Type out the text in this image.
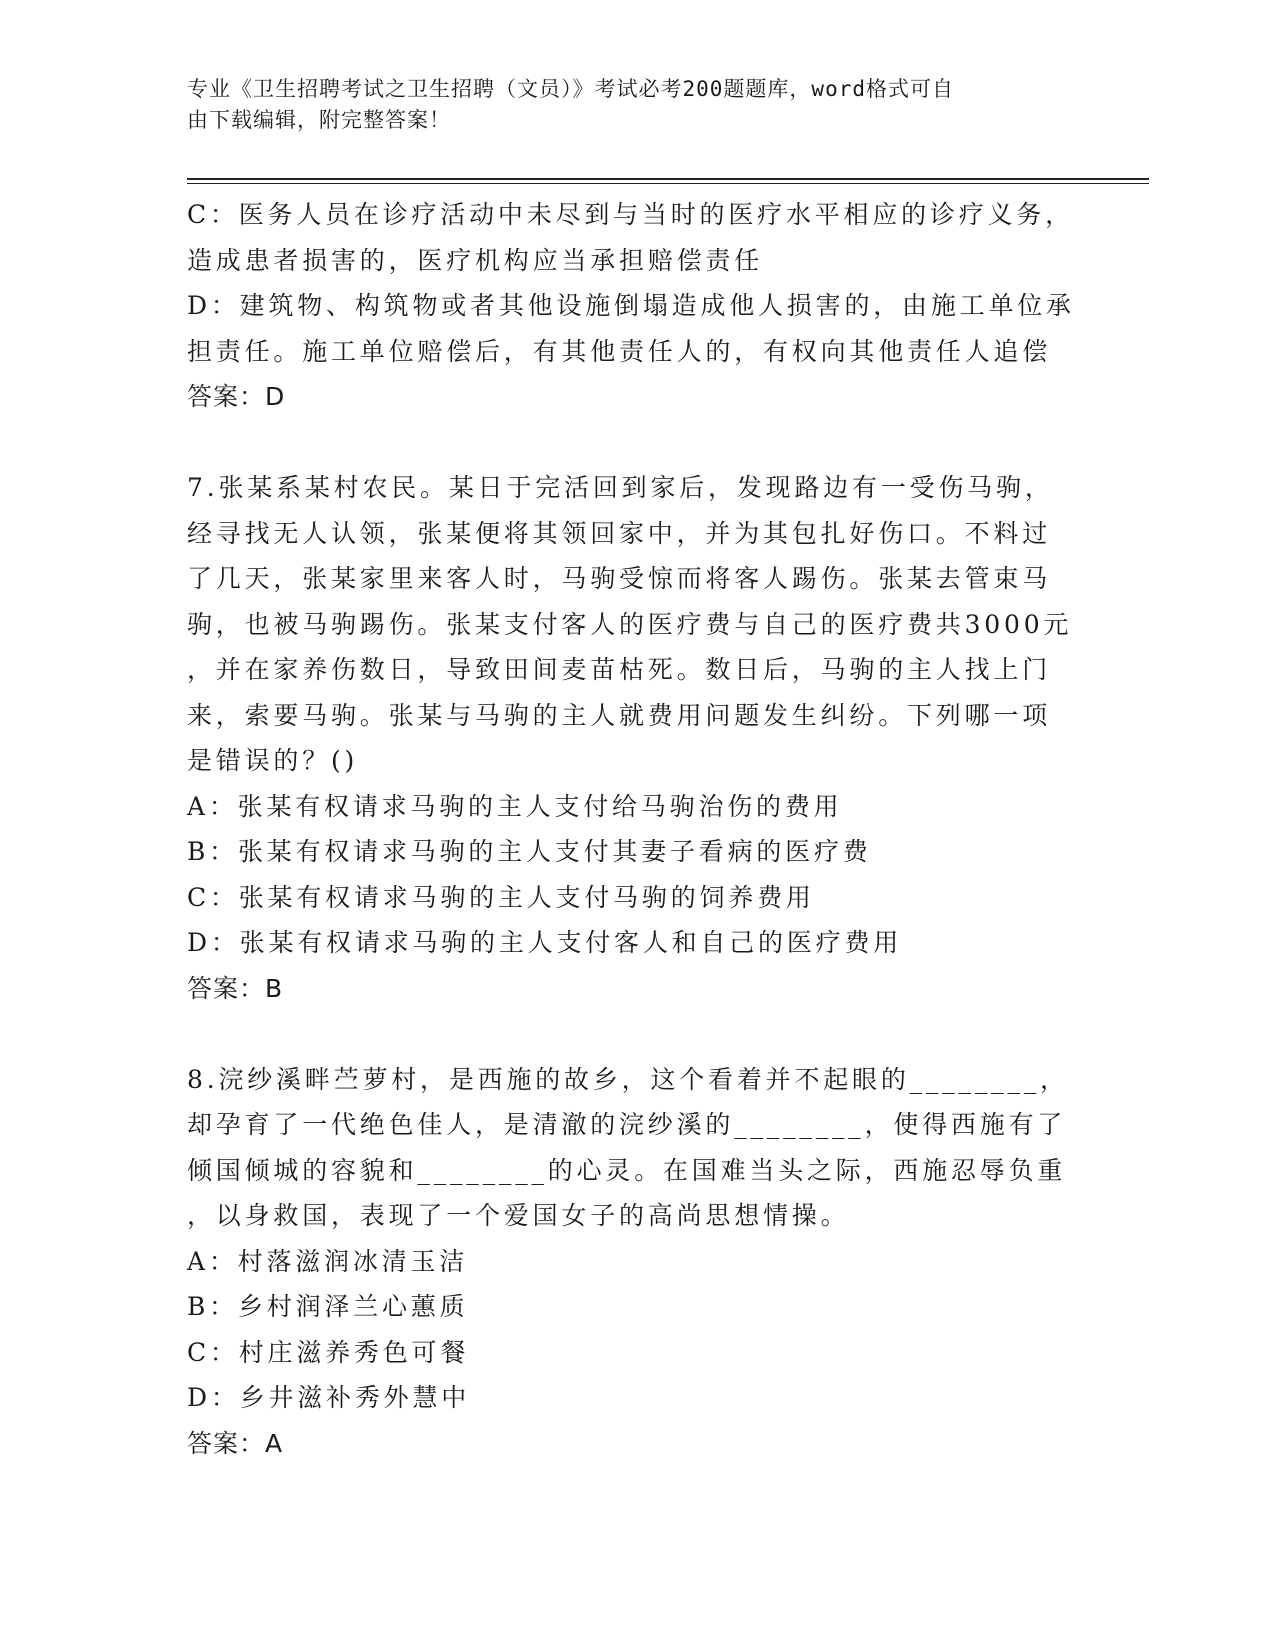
专业《卫生招聘考试之卫生招聘（文员）》考试必考200题题库，word格式可自
由下载编辑，附完整答案！
C：医务人员在诊疗活动中未尽到与当时的医疗水平相应的诊疗义务，
造成患者损害的，医疗机构应当承担赔偿责任
D：建筑物、构筑物或者其他设施倒塌造成他人损害的，由施工单位承
担责任。施工单位赔偿后，有其他责任人的，有权向其他责任人追偿
答案：D
7.张某系某村农民。某日于完活回到家后，发现路边有一受伤马驹，
经寻找无人认领，张某便将其领回家中，并为其包扎好伤口。不料过
了几天，张某家里来客人时，马驹受惊而将客人踢伤。张某去管束马
驹，也被马驹踢伤。张某支付客人的医疗费与自己的医疗费共3000元
，并在家养伤数日，导致田间麦苗枯死。数日后，马驹的主人找上门
来，索要马驹。张某与马驹的主人就费用问题发生纠纷。下列哪一项
是错误的？()
A：张某有权请求马驹的主人支付给马驹治伤的费用
B：张某有权请求马驹的主人支付其妻子看病的医疗费
C：张某有权请求马驹的主人支付马驹的饲养费用
D：张某有权请求马驹的主人支付客人和自己的医疗费用
答案：B
8.浣纱溪畔苎萝村，是西施的故乡，这个看着并不起眼的________，
却孕育了一代绝色佳人，是清澈的浣纱溪的________，使得西施有了
倾国倾城的容貌和________的心灵。在国难当头之际，西施忍辱负重
，以身救国，表现了一个爱国女子的高尚思想情操。
A：村落滋润冰清玉洁
B：乡村润泽兰心蕙质
C：村庄滋养秀色可餐
D：乡井滋补秀外慧中
答案：A
